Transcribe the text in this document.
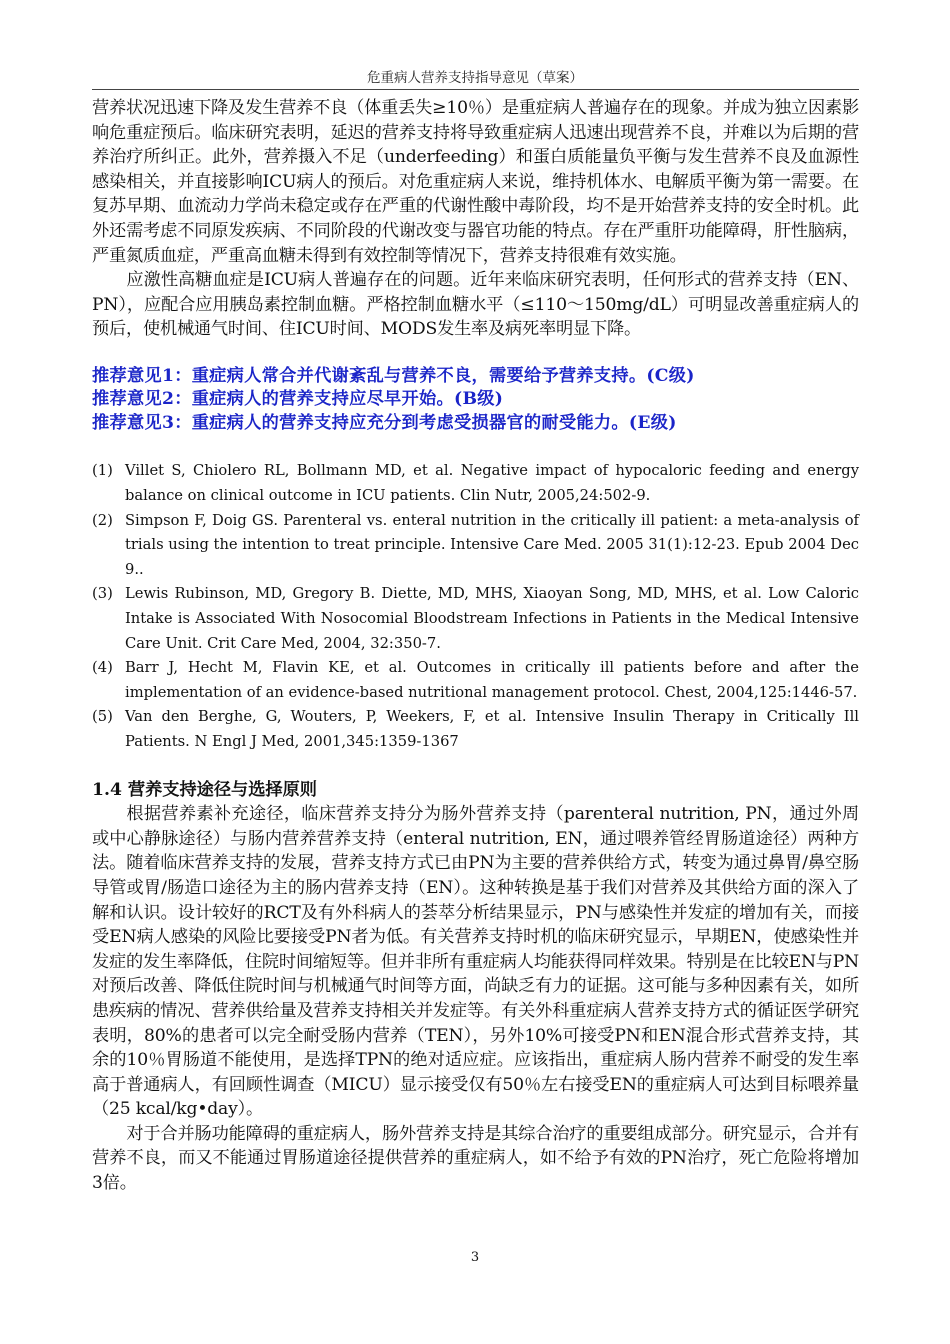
危重病人营养支持指导意见（草案）

营养状况迅速下降及发生营养不良（体重丢失≥10％）是重症病人普遍存在的现象。并成为独立因素影响危重症预后。临床研究表明，延迟的营养支持将导致重症病人迅速出现营养不良，并难以为后期的营养治疗所纠正。此外，营养摄入不足（underfeeding）和蛋白质能量负平衡与发生营养不良及血源性感染相关，并直接影响ICU病人的预后。对危重症病人来说，维持机体水、电解质平衡为第一需要。在复苏早期、血流动力学尚未稳定或存在严重的代谢性酸中毒阶段，均不是开始营养支持的安全时机。此外还需考虑不同原发疾病、不同阶段的代谢改变与器官功能的特点。存在严重肝功能障碍，肝性脑病，严重氮质血症，严重高血糖未得到有效控制等情况下，营养支持很难有效实施。

应激性高糖血症是ICU病人普遍存在的问题。近年来临床研究表明，任何形式的营养支持（EN、PN），应配合应用胰岛素控制血糖。严格控制血糖水平（≤110～150mg/dL）可明显改善重症病人的预后，使机械通气时间、住ICU时间、MODS发生率及病死率明显下降。

推荐意见1：重症病人常合并代谢紊乱与营养不良，需要给予营养支持。(C级)

推荐意见2：重症病人的营养支持应尽早开始。(B级)

推荐意见3：重症病人的营养支持应充分到考虑受损器官的耐受能力。(E级)

(1) Villet S, Chiolero RL, Bollmann MD, et al. Negative impact of hypocaloric feeding and energy balance on clinical outcome in ICU patients. Clin Nutr, 2005,24:502-9.
(2) Simpson F, Doig GS. Parenteral vs. enteral nutrition in the critically ill patient: a meta-analysis of trials using the intention to treat principle. Intensive Care Med. 2005 31(1):12-23. Epub 2004 Dec 9..
(3) Lewis Rubinson, MD, Gregory B. Diette, MD, MHS, Xiaoyan Song, MD, MHS, et al. Low Caloric Intake is Associated With Nosocomial Bloodstream Infections in Patients in the Medical Intensive Care Unit. Crit Care Med, 2004, 32:350-7.
(4) Barr J, Hecht M, Flavin KE, et al. Outcomes in critically ill patients before and after the implementation of an evidence-based nutritional management protocol. Chest, 2004,125:1446-57.
(5) Van den Berghe, G, Wouters, P, Weekers, F, et al. Intensive Insulin Therapy in Critically Ill Patients. N Engl J Med, 2001,345:1359-1367
1.4 营养支持途径与选择原则

根据营养素补充途径，临床营养支持分为肠外营养支持（parenteral nutrition, PN，通过外周或中心静脉途径）与肠内营养营养支持（enteral nutrition, EN，通过喂养管经胃肠道途径）两种方法。随着临床营养支持的发展，营养支持方式已由PN为主要的营养供给方式，转变为通过鼻胃/鼻空肠导管或胃/肠造口途径为主的肠内营养支持（EN）。这种转换是基于我们对营养及其供给方面的深入了解和认识。设计较好的RCT及有外科病人的荟萃分析结果显示，PN与感染性并发症的增加有关，而接受EN病人感染的风险比要接受PN者为低。有关营养支持时机的临床研究显示，早期EN，使感染性并发症的发生率降低，住院时间缩短等。但并非所有重症病人均能获得同样效果。特别是在比较EN与PN对预后改善、降低住院时间与机械通气时间等方面，尚缺乏有力的证据。这可能与多种因素有关，如所患疾病的情况、营养供给量及营养支持相关并发症等。有关外科重症病人营养支持方式的循证医学研究表明，80%的患者可以完全耐受肠内营养（TEN），另外10%可接受PN和EN混合形式营养支持，其余的10％胃肠道不能使用，是选择TPN的绝对适应症。应该指出，重症病人肠内营养不耐受的发生率高于普通病人，有回顾性调查（MICU）显示接受仅有50％左右接受EN的重症病人可达到目标喂养量（25 kcal/kg•day）。

对于合并肠功能障碍的重症病人，肠外营养支持是其综合治疗的重要组成部分。研究显示，合并有营养不良，而又不能通过胃肠道途径提供营养的重症病人，如不给予有效的PN治疗，死亡危险将增加3倍。

3
